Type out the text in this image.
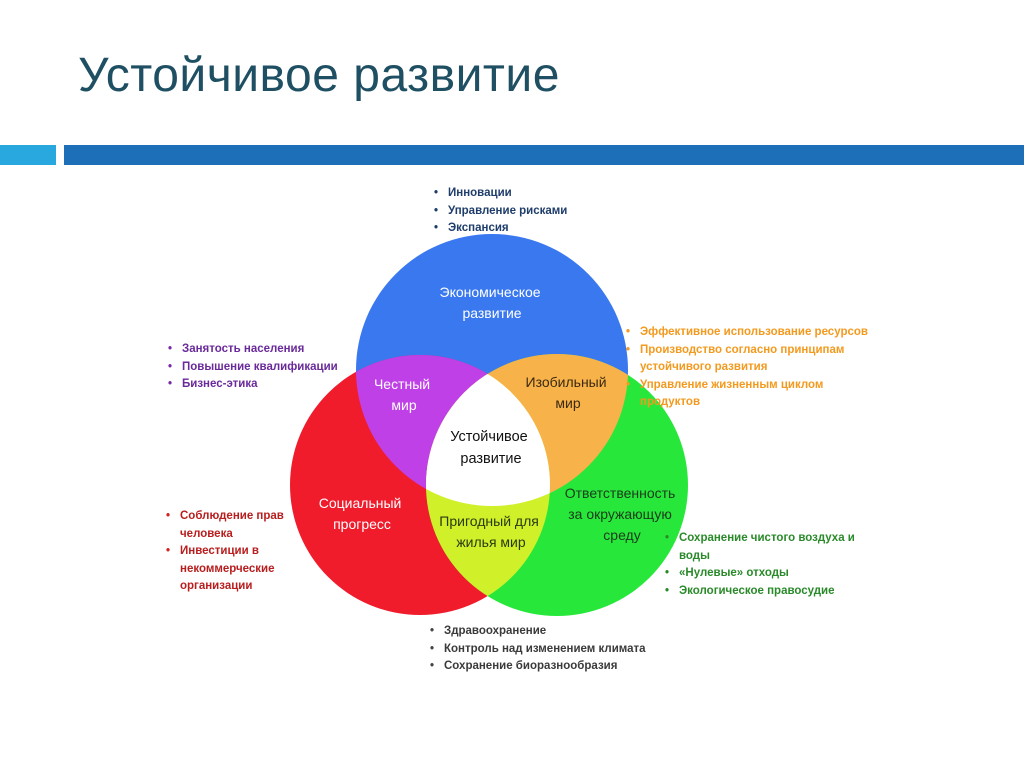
Устойчивое развитие
Экономическое развитие
Социальный прогресс
Ответственность за окружающую среду
Честный мир
Изобильный мир
Пригодный для жилья мир
Устойчивое развитие
• Инновации
• Управление рисками
• Экспансия
• Занятость населения
• Повышение квалификации
• Бизнес-этика
• Эффективное использование ресурсов
• Производство согласно принципам
устойчивого развития
• Управление жизненным циклом
продуктов
• Соблюдение прав
человека
• Инвестиции в
некоммерческие
организации
• Сохранение чистого воздуха и
воды
• «Нулевые» отходы
• Экологическое правосудие
• Здравоохранение
• Контроль над изменением климата
• Сохранение биоразнообразия
